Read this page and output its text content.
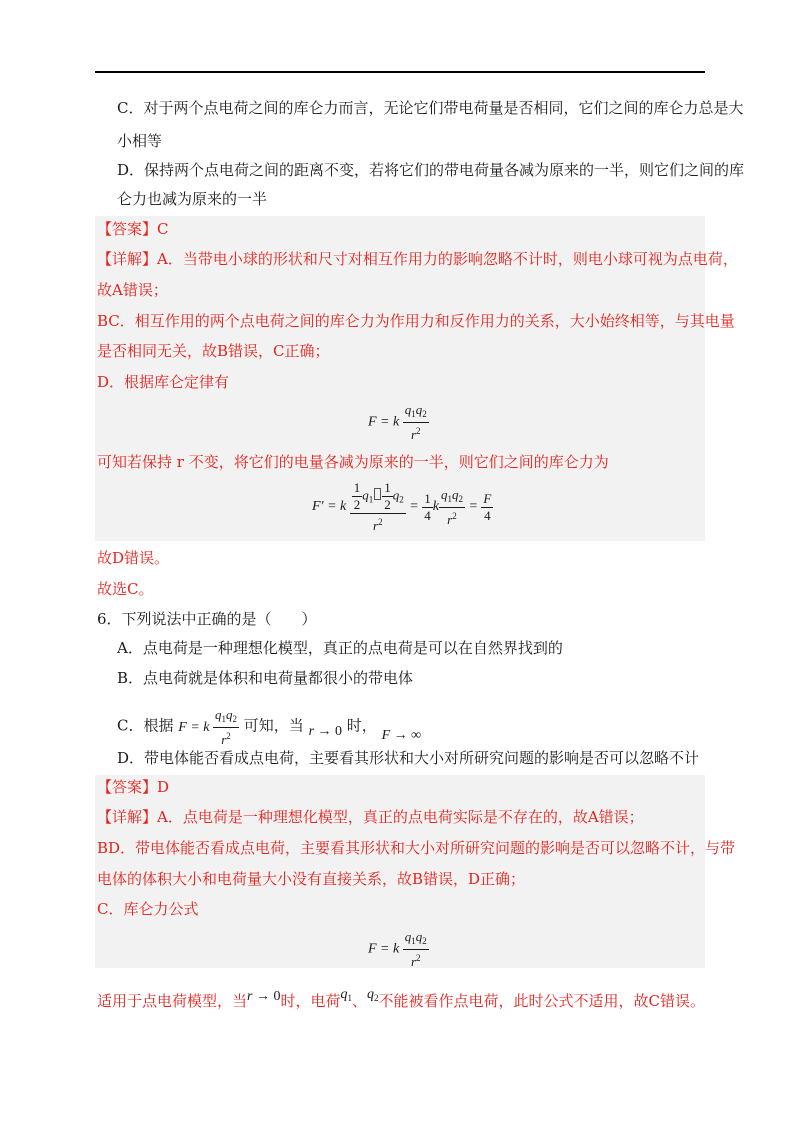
C．对于两个点电荷之间的库仑力而言，无论它们带电荷量是否相同，它们之间的库仑力总是大
小相等
D．保持两个点电荷之间的距离不变，若将它们的带电荷量各减为原来的一半，则它们之间的库
仑力也减为原来的一半
【答案】C
【详解】A．当带电小球的形状和尺寸对相互作用力的影响忽略不计时，则电小球可视为点电荷，
故A错误；
BC．相互作用的两个点电荷之间的库仑力为作用力和反作用力的关系，大小始终相等，与其电量
是否相同无关，故B错误，C正确；
D．根据库仑定律有
F = k $\frac{q_1q_2}{r^2}$
可知若保持 r 不变，将它们的电量各减为原来的一半，则它们之间的库仑力为
F′ = k $\frac{\frac{1}{2} q_1 \frac{1}{2} q_2}{r^2} = \frac{1}{4}$ k $\frac{q_1q_2}{r^2} = \frac{F}{4}$
故D错误。
故选C。
6．下列说法中正确的是（　　）
A．点电荷是一种理想化模型，真正的点电荷是可以在自然界找到的
B．点电荷就是体积和电荷量都很小的带电体
C．根据 F = k $\frac{q_1q_2}{r^2}$ 可知，当 r → 0 时， F → ∞
D．带电体能否看成点电荷，主要看其形状和大小对所研究问题的影响是否可以忽略不计
【答案】D
【详解】A．点电荷是一种理想化模型，真正的点电荷实际是不存在的，故A错误；
BD．带电体能否看成点电荷，主要看其形状和大小对所研究问题的影响是否可以忽略不计，与带
电体的体积大小和电荷量大小没有直接关系，故B错误，D正确；
C．库仑力公式
F = k $\frac{q_1q_2}{r^2}$
适用于点电荷模型，当r → 0时，电荷$q_1$、$q_2$不能被看作点电荷，此时公式不适用，故C错误。
